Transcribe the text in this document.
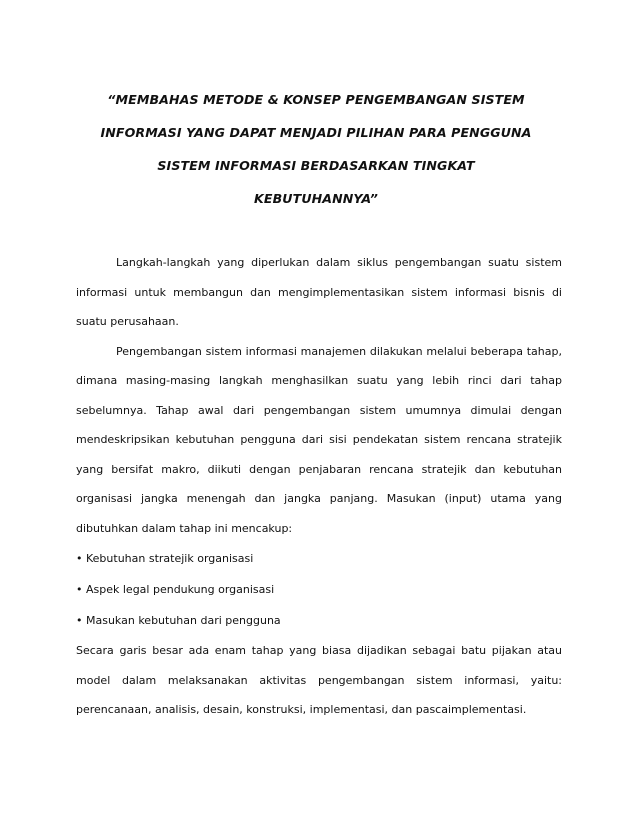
“MEMBAHAS METODE & KONSEP PENGEMBANGAN SISTEM
INFORMASI YANG DAPAT MENJADI PILIHAN PARA PENGGUNA
SISTEM INFORMASI BERDASARKAN TINGKAT
KEBUTUHANNYA”

Langkah-langkah yang diperlukan dalam siklus pengembangan suatu sistem informasi untuk membangun dan mengimplementasikan sistem informasi bisnis di suatu perusahaan.

Pengembangan sistem informasi manajemen dilakukan melalui beberapa tahap, dimana masing-masing langkah menghasilkan suatu yang lebih rinci dari tahap sebelumnya. Tahap awal dari pengembangan sistem umumnya dimulai dengan mendeskripsikan kebutuhan pengguna dari sisi pendekatan sistem rencana stratejik yang bersifat makro, diikuti dengan penjabaran rencana stratejik dan kebutuhan organisasi jangka menengah dan jangka panjang. Masukan (input) utama yang dibutuhkan dalam tahap ini mencakup:

• Kebutuhan stratejik organisasi
• Aspek legal pendukung organisasi
• Masukan kebutuhan dari pengguna

Secara garis besar ada enam tahap yang biasa dijadikan sebagai batu pijakan atau model dalam melaksanakan aktivitas pengembangan sistem informasi, yaitu: perencanaan, analisis, desain, konstruksi, implementasi, dan pascaimplementasi.
